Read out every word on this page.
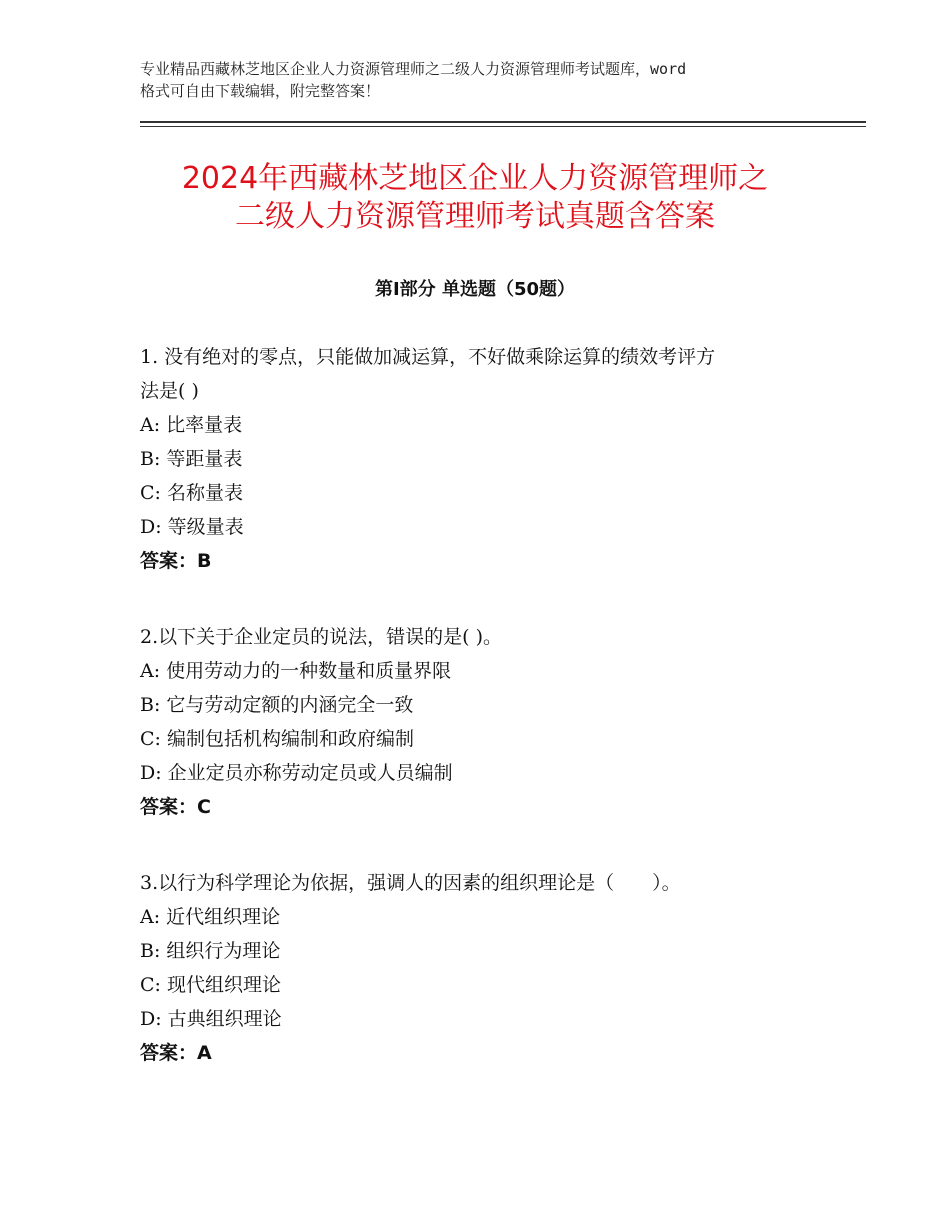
专业精品西藏林芝地区企业人力资源管理师之二级人力资源管理师考试题库，word
格式可自由下载编辑，附完整答案！
2024年西藏林芝地区企业人力资源管理师之
二级人力资源管理师考试真题含答案
第Ⅰ部分 单选题（50题）
1. 没有绝对的零点，只能做加减运算，不好做乘除运算的绩效考评方
法是( )
A: 比率量表
B: 等距量表
C: 名称量表
D: 等级量表
答案：B
2.以下关于企业定员的说法，错误的是( )。
A: 使用劳动力的一种数量和质量界限
B: 它与劳动定额的内涵完全一致
C: 编制包括机构编制和政府编制
D: 企业定员亦称劳动定员或人员编制
答案：C
3.以行为科学理论为依据，强调人的因素的组织理论是（　　）。
A: 近代组织理论
B: 组织行为理论
C: 现代组织理论
D: 古典组织理论
答案：A
